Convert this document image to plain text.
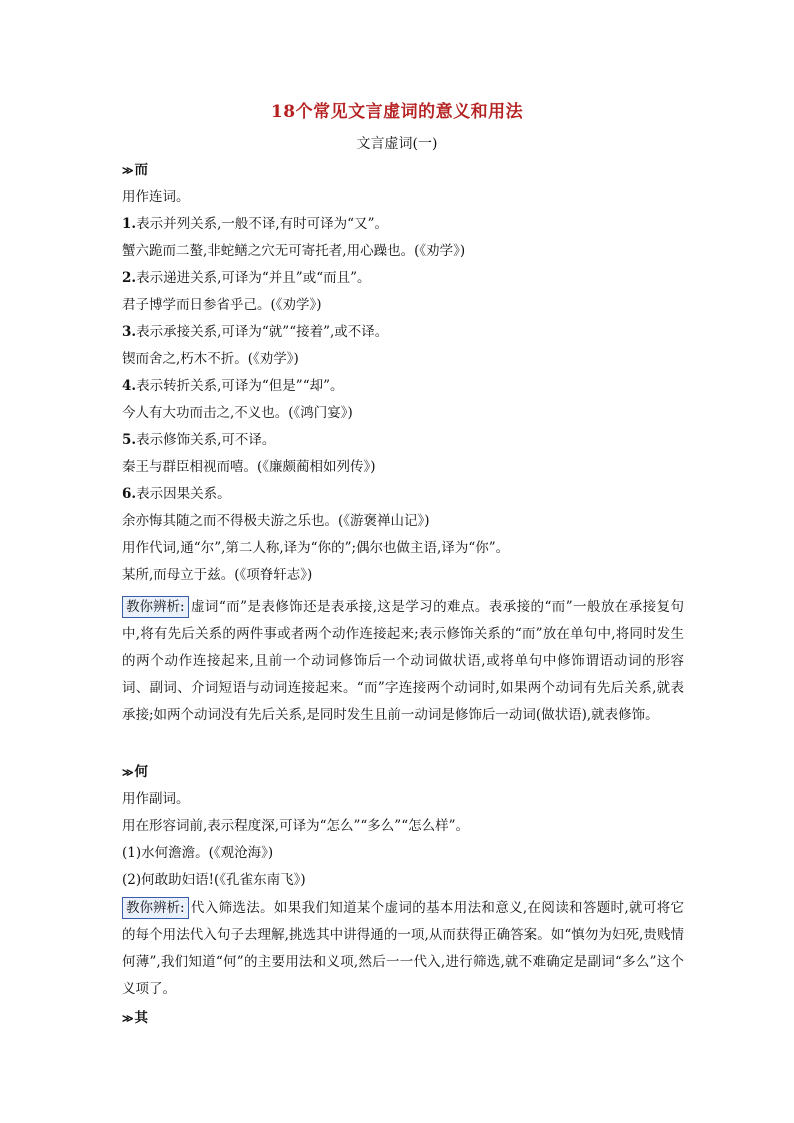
18个常见文言虚词的意义和用法
文言虚词(一)
≫ 而
用作连词。
1.表示并列关系,一般不译,有时可译为“又”。
蟹六跪而二螯,非蛇鳝之穴无可寄托者,用心躁也。(《劝学》)
2.表示递进关系,可译为“并且”或“而且”。
君子博学而日参省乎己。(《劝学》)
3.表示承接关系,可译为“就”“接着”,或不译。
锲而舍之,朽木不折。(《劝学》)
4.表示转折关系,可译为“但是”“却”。
今人有大功而击之,不义也。(《鸿门宴》)
5.表示修饰关系,可不译。
秦王与群臣相视而嘻。(《廉颇蔺相如列传》)
6.表示因果关系。
余亦悔其随之而不得极夫游之乐也。(《游褒禅山记》)
用作代词,通“尔”,第二人称,译为“你的”;偶尔也做主语,译为“你”。
某所,而母立于兹。(《项脊轩志》)
教你辨析: 虚词“而”是表修饰还是表承接,这是学习的难点。表承接的“而”一般放在承接复句中,将有先后关系的两件事或者两个动作连接起来;表示修饰关系的“而”放在单句中,将同时发生的两个动作连接起来,且前一个动词修饰后一个动词做状语,或将单句中修饰谓语动词的形容词、副词、介词短语与动词连接起来。“而”字连接两个动词时,如果两个动词有先后关系,就表承接;如两个动词没有先后关系,是同时发生且前一动词是修饰后一动词(做状语),就表修饰。
≫ 何
用作副词。
用在形容词前,表示程度深,可译为“怎么”“多么”“怎么样”。
(1)水何澹澹。(《观沧海》)
(2)何敢助妇语!(《孔雀东南飞》)
教你辨析: 代入筛选法。如果我们知道某个虚词的基本用法和意义,在阅读和答题时,就可将它的每个用法代入句子去理解,挑选其中讲得通的一项,从而获得正确答案。如“慎勿为妇死,贵贱情何薄”,我们知道“何”的主要用法和义项,然后一一代入,进行筛选,就不难确定是副词“多么”这个义项了。
≫ 其
